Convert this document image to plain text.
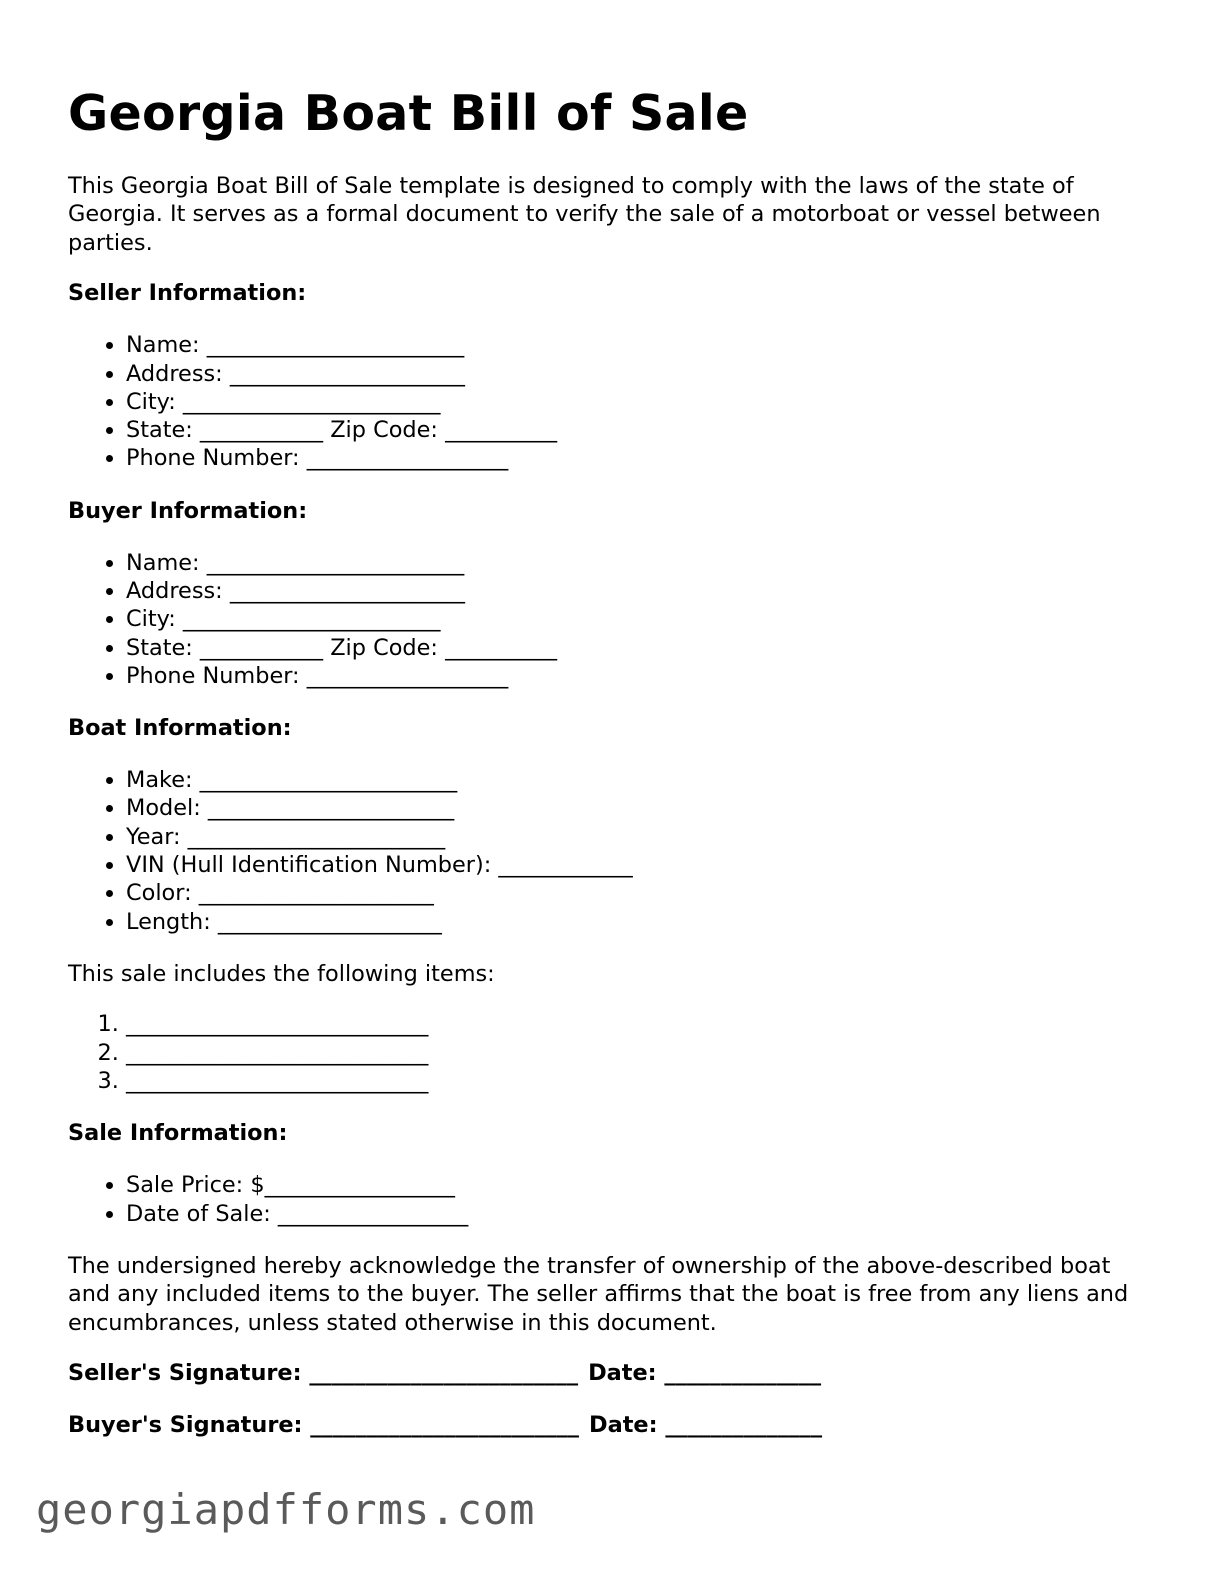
Georgia Boat Bill of Sale

This Georgia Boat Bill of Sale template is designed to comply with the laws of the state of Georgia. It serves as a formal document to verify the sale of a motorboat or vessel between parties.

Seller Information:
• Name: _______________________
• Address: _____________________
• City: _______________________
• State: ___________ Zip Code: __________
• Phone Number: __________________
Buyer Information:
• Name: _______________________
• Address: _____________________
• City: _______________________
• State: ___________ Zip Code: __________
• Phone Number: __________________
Boat Information:
• Make: _______________________
• Model: ______________________
• Year: _______________________
• VIN (Hull Identification Number): ____________
• Color: _____________________
• Length: ____________________

This sale includes the following items:

1. ___________________________
2. ___________________________
3. ___________________________
Sale Information:
• Sale Price: $_________________
• Date of Sale: _________________

The undersigned hereby acknowledge the transfer of ownership of the above-described boat and any included items to the buyer. The seller affirms that the boat is free from any liens and encumbrances, unless stated otherwise in this document.

Seller's Signature: ________________________ Date: ______________
Buyer's Signature: ________________________ Date: ______________
georgiapdfforms.com
